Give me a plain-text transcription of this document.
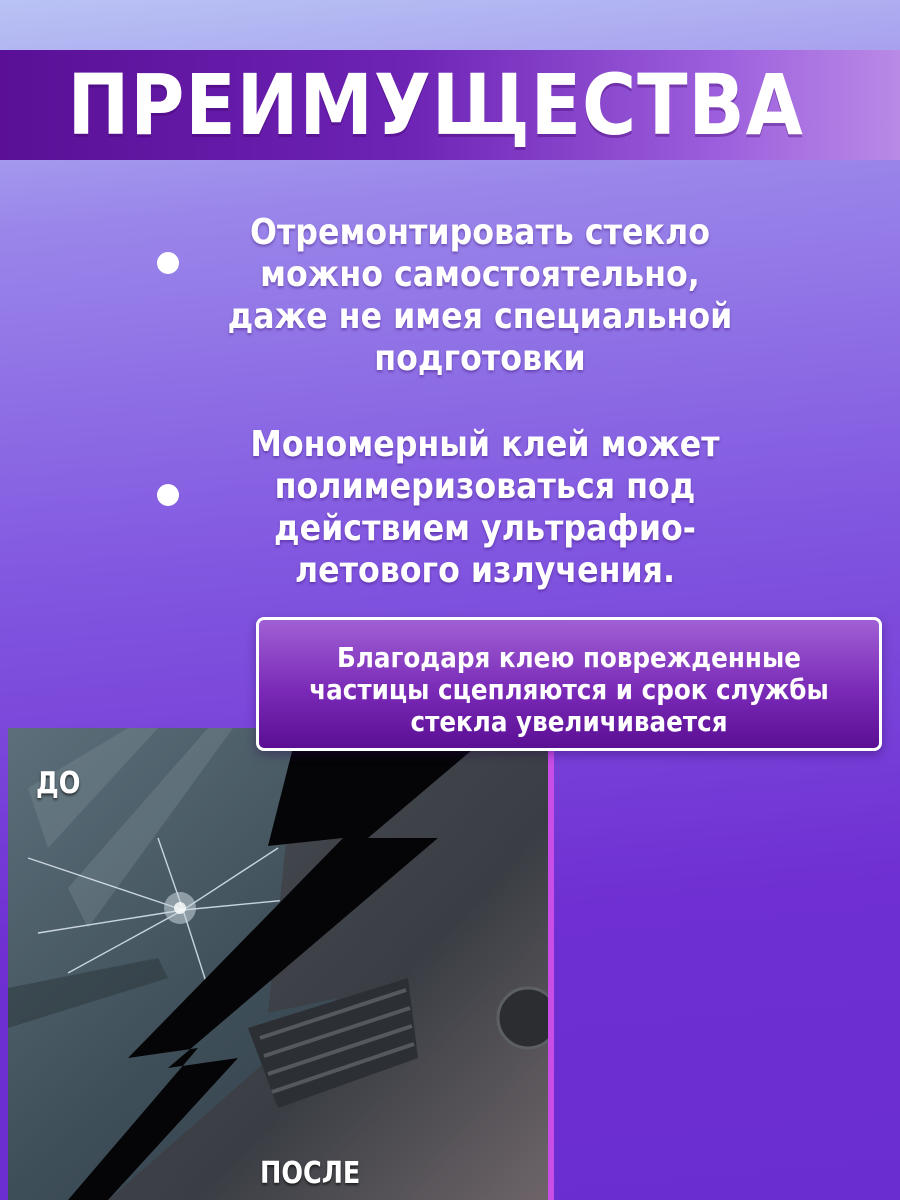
ПРЕИМУЩЕСТВА
Отремонтировать стекло
можно самостоятельно,
даже не имея специальной
подготовки
Мономерный клей может
полимеризоваться под
действием ультрафио-
летового излучения.
ДО
ПОСЛЕ
Благодаря клею поврежденные
частицы сцепляются и срок службы
стекла увеличивается
